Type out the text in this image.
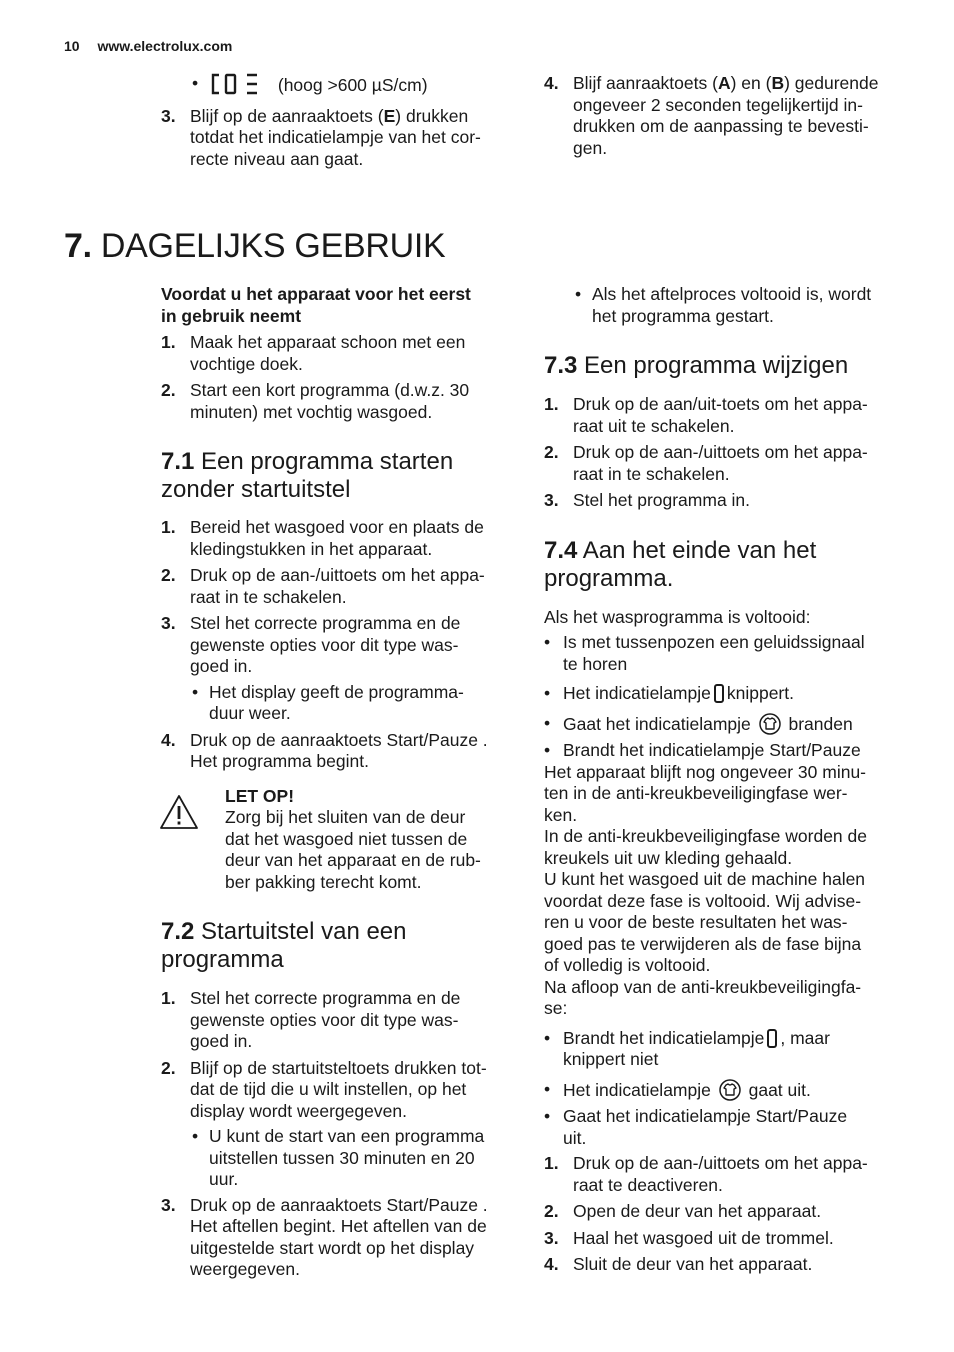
10 www.electrolux.com
•	(hoog >600 µS/cm)
3. Blijf op de aanraaktoets (E) drukken
totdat het indicatielampje van het cor-
recte niveau aan gaat.
4. Blijf aanraaktoets (A) en (B) gedurende
ongeveer 2 seconden tegelijkertijd in-
drukken om de aanpassing te bevesti-
gen.
7. DAGELIJKS GEBRUIK
Voordat u het apparaat voor het eerst
in gebruik neemt
1. Maak het apparaat schoon met een
vochtige doek.
2. Start een kort programma (d.w.z. 30
minuten) met vochtig wasgoed.
7.1 Een programma starten
zonder startuitstel
1. Bereid het wasgoed voor en plaats de
kledingstukken in het apparaat.
2. Druk op de aan-/uittoets om het appa-
raat in te schakelen.
3. Stel het correcte programma en de
gewenste opties voor dit type was-
goed in.
• Het display geeft de programma-
duur weer.
4. Druk op de aanraaktoets Start/Pauze .
Het programma begint.
LET OP!
Zorg bij het sluiten van de deur
dat het wasgoed niet tussen de
deur van het apparaat en de rub-
ber pakking terecht komt.
7.2 Startuitstel van een
programma
1. Stel het correcte programma en de
gewenste opties voor dit type was-
goed in.
2. Blijf op de startuitsteltoets drukken tot-
dat de tijd die u wilt instellen, op het
display wordt weergegeven.
• U kunt de start van een programma
uitstellen tussen 30 minuten en 20
uur.
3. Druk op de aanraaktoets Start/Pauze .
Het aftellen begint. Het aftellen van de
uitgestelde start wordt op het display
weergegeven.
• Als het aftelproces voltooid is, wordt
het programma gestart.
7.3 Een programma wijzigen
1. Druk op de aan/uit-toets om het appa-
raat uit te schakelen.
2. Druk op de aan-/uittoets om het appa-
raat in te schakelen.
3. Stel het programma in.
7.4 Aan het einde van het
programma.
Als het wasprogramma is voltooid:
• Is met tussenpozen een geluidssignaal
te horen
• Het indicatielampje knippert.
• Gaat het indicatielampje branden
• Brandt het indicatielampje Start/Pauze
Het apparaat blijft nog ongeveer 30 minu-
ten in de anti-kreukbeveiligingfase wer-
ken.
In de anti-kreukbeveiligingfase worden de
kreukels uit uw kleding gehaald.
U kunt het wasgoed uit de machine halen
voordat deze fase is voltooid. Wij advise-
ren u voor de beste resultaten het was-
goed pas te verwijderen als de fase bijna
of volledig is voltooid.
Na afloop van de anti-kreukbeveiligingfa-
se:
• Brandt het indicatielampje , maar
knippert niet
• Het indicatielampje gaat uit.
• Gaat het indicatielampje Start/Pauze
uit.
1. Druk op de aan-/uittoets om het appa-
raat te deactiveren.
2. Open de deur van het apparaat.
3. Haal het wasgoed uit de trommel.
4. Sluit de deur van het apparaat.
